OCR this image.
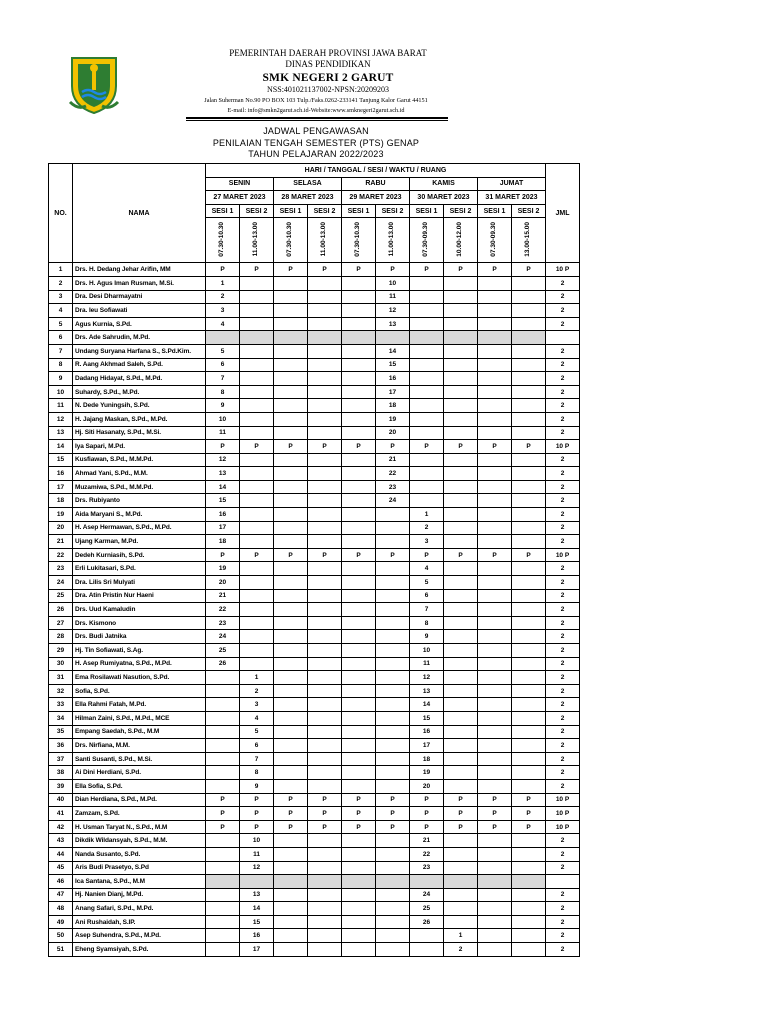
PEMERINTAH DAERAH PROVINSI JAWA BARAT
DINAS PENDIDIKAN
SMK NEGERI 2 GARUT
NSS:401021137002-NPSN:20209203
Jalan Suherman No.90 PO BOX 103 Tulp./Faks.0262-233141 Tanjung Kalor Garut 44151
E-mail: info@smkn2garut.sch.id-Website:www.smknegeri2garut.sch.id
JADWAL PENGAWASAN
PENILAIAN TENGAH SEMESTER (PTS) GENAP
TAHUN PELAJARAN 2022/2023
NO.	NAMA	HARI / TANGGAL / SESI / WAKTU / RUANG										JML
		SENIN		SELASA		RABU		KAMIS		JUMAT		
		27 MARET 2023		28 MARET 2023		29 MARET 2023		30 MARET 2023		31 MARET 2023		
		SESI 1	SESI 2	SESI 1	SESI 2	SESI 1	SESI 2	SESI 1	SESI 2	SESI 1	SESI 2	
		07.30-10.30	11.00-13.00	07.30-10.30	11.00-13.00	07.30-10.30	11.00-13.00	07.30-09.30	10.00-12.00	07.30-09.30	13.00-15.00	
1	Drs. H. Dedang Jehar Arifin, MM	P	P	P	P	P	P	P	P	P	P	10 P
2	Drs. H. Agus Iman Rusman, M.Si.	1					10					2
3	Dra. Desi Dharmayatni	2					11					2
4	Dra. Ieu Sofiawati	3					12					2
5	Agus Kurnia, S.Pd.	4					13					2
6	Drs. Ade Sahrudin, M.Pd.											
7	Undang Suryana Harfana S., S.Pd.Kim.	5					14					2
8	R. Aang Akhmad Saleh, S.Pd.	6					15					2
9	Dadang Hidayat, S.Pd., M.Pd.	7					16					2
10	Suhardy, S.Pd., M.Pd.	8					17					2
11	N. Dede Yuningsih, S.Pd.	9					18					2
12	H. Jajang Maskan, S.Pd., M.Pd.	10					19					2
13	Hj. Siti Hasanaty, S.Pd., M.Si.	11					20					2
14	Iya Sapari, M.Pd.	P	P	P	P	P	P	P	P	P	P	10 P
15	Kusfiawan, S.Pd., M.M.Pd.	12					21					2
16	Ahmad Yani, S.Pd., M.M.	13					22					2
17	Muzamiwa, S.Pd., M.M.Pd.	14					23					2
18	Drs. Rubiyanto	15					24					2
19	Aida Maryani S., M.Pd.	16						1				2
20	H. Asep Hermawan, S.Pd., M.Pd.	17						2				2
21	Ujang Karman, M.Pd.	18						3				2
22	Dedeh Kurniasih, S.Pd.	P	P	P	P	P	P	P	P	P	P	10 P
23	Erli Lukitasari, S.Pd.	19						4				2
24	Dra. Lilis Sri Mulyati	20						5				2
25	Dra. Atin Pristin Nur Haeni	21						6				2
26	Drs. Uud Kamaludin	22						7				2
27	Drs. Kismono	23						8				2
28	Drs. Budi Jatnika	24						9				2
29	Hj. Tin Sofiawati, S.Ag.	25						10				2
30	H. Asep Rumiyatna, S.Pd., M.Pd.	26						11				2
31	Ema Rosilawati Nasution, S.Pd.		1					12				2
32	Sofia, S.Pd.		2					13				2
33	Ella Rahmi Fatah, M.Pd.		3					14				2
34	Hilman Zaini, S.Pd., M.Pd., MCE		4					15				2
35	Empang Saedah, S.Pd., M.M		5					16				2
36	Drs. Nirfiana, M.M.		6					17				2
37	Santi Susanti, S.Pd., M.Si.		7					18				2
38	Ai Dini Herdiani, S.Pd.		8					19				2
39	Ella Sofia, S.Pd.		9					20				2
40	Dian Herdiana, S.Pd., M.Pd.	P	P	P	P	P	P	P	P	P	P	10 P
41	Zamzam, S.Pd.	P	P	P	P	P	P	P	P	P	P	10 P
42	H. Usman Taryat N., S.Pd., M.M	P	P	P	P	P	P	P	P	P	P	10 P
43	Dikdik Wildansyah, S.Pd., M.M.		10					21				2
44	Nanda Susanto, S.Pd.		11					22				2
45	Aris Budi Prasetyo, S.Pd		12					23				2
46	Ica Santana, S.Pd., M.M											
47	Hj. Nanien Dianj, M.Pd.		13					24				2
48	Anang Safari, S.Pd., M.Pd.		14					25				2
49	Ani Rushaidah, S.IP.		15					26				2
50	Asep Suhendra, S.Pd., M.Pd.		16						1			2
51	Eheng Syamsiyah, S.Pd.		17						2			2
